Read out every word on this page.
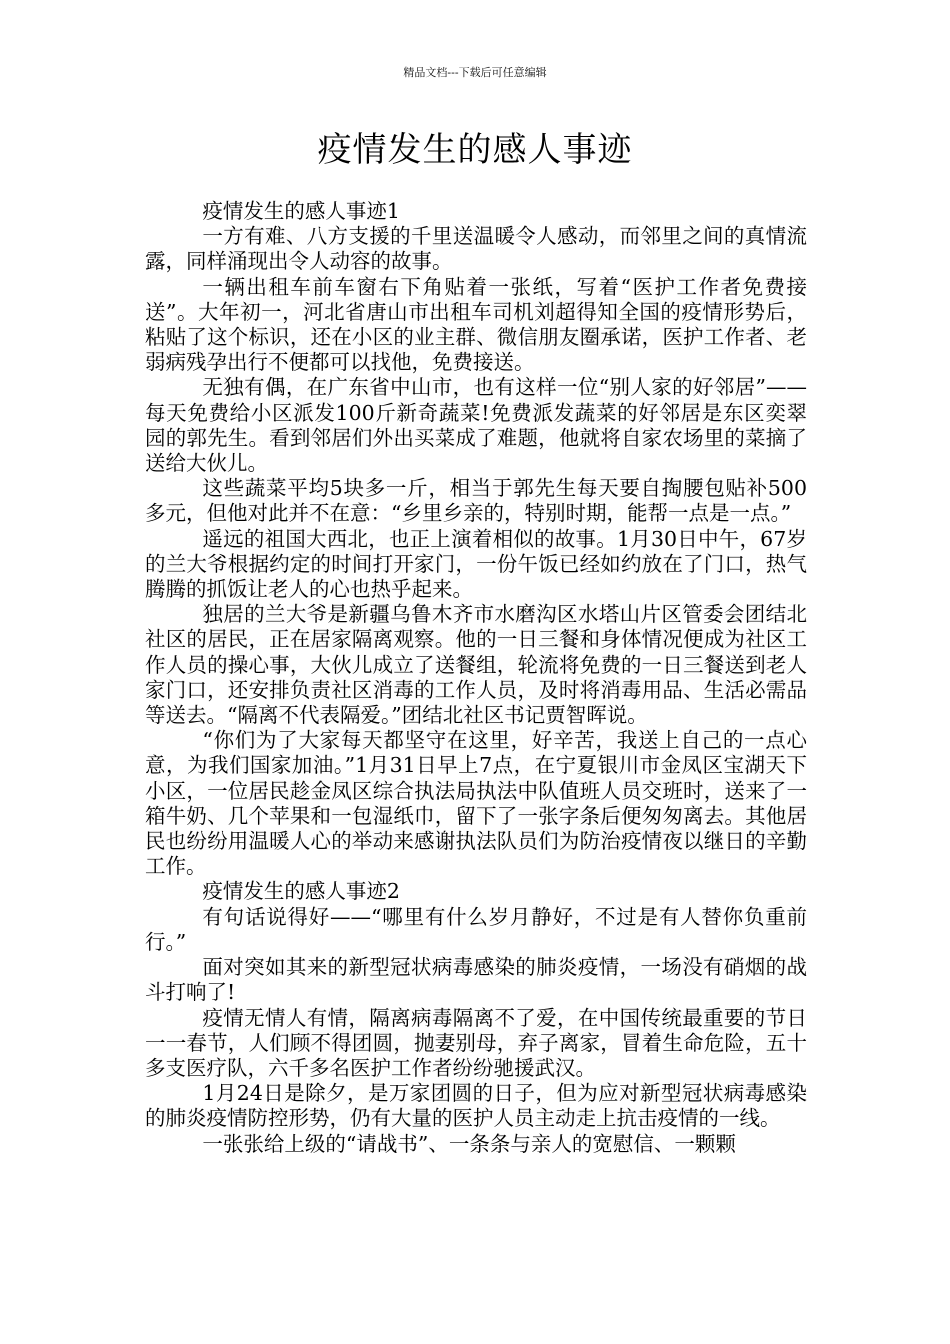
精品文档---下载后可任意编辑
疫情发生的感人事迹

疫情发生的感人事迹1

一方有难、八方支援的千里送温暖令人感动，而邻里之间的真情流露，同样涌现出令人动容的故事。

一辆出租车前车窗右下角贴着一张纸，写着“医护工作者免费接送”。大年初一，河北省唐山市出租车司机刘超得知全国的疫情形势后，粘贴了这个标识，还在小区的业主群、微信朋友圈承诺，医护工作者、老弱病残孕出行不便都可以找他，免费接送。

无独有偶，在广东省中山市，也有这样一位“别人家的好邻居”——每天免费给小区派发100斤新奇蔬菜!免费派发蔬菜的好邻居是东区奕翠园的郭先生。看到邻居们外出买菜成了难题，他就将自家农场里的菜摘了送给大伙儿。

这些蔬菜平均5块多一斤，相当于郭先生每天要自掏腰包贴补500多元，但他对此并不在意：“乡里乡亲的，特别时期，能帮一点是一点。”

遥远的祖国大西北，也正上演着相似的故事。1月30日中午，67岁的兰大爷根据约定的时间打开家门，一份午饭已经如约放在了门口，热气腾腾的抓饭让老人的心也热乎起来。

独居的兰大爷是新疆乌鲁木齐市水磨沟区水塔山片区管委会团结北社区的居民，正在居家隔离观察。他的一日三餐和身体情况便成为社区工作人员的操心事，大伙儿成立了送餐组，轮流将免费的一日三餐送到老人家门口，还安排负责社区消毒的工作人员，及时将消毒用品、生活必需品等送去。“隔离不代表隔爱。”团结北社区书记贾智晖说。

“你们为了大家每天都坚守在这里，好辛苦，我送上自己的一点心意，为我们国家加油。”1月31日早上7点，在宁夏银川市金凤区宝湖天下小区，一位居民趁金凤区综合执法局执法中队值班人员交班时，送来了一箱牛奶、几个苹果和一包湿纸巾，留下了一张字条后便匆匆离去。其他居民也纷纷用温暖人心的举动来感谢执法队员们为防治疫情夜以继日的辛勤工作。

疫情发生的感人事迹2

有句话说得好——“哪里有什么岁月静好，不过是有人替你负重前行。”

面对突如其来的新型冠状病毒感染的肺炎疫情，一场没有硝烟的战斗打响了!

疫情无情人有情，隔离病毒隔离不了爱，在中国传统最重要的节日一一春节，人们顾不得团圆，抛妻别母，弃子离家，冒着生命危险，五十多支医疗队，六千多名医护工作者纷纷驰援武汉。

1月24日是除夕，是万家团圆的日子，但为应对新型冠状病毒感染的肺炎疫情防控形势，仍有大量的医护人员主动走上抗击疫情的一线。

一张张给上级的“请战书”、一条条与亲人的宽慰信、一颗颗
